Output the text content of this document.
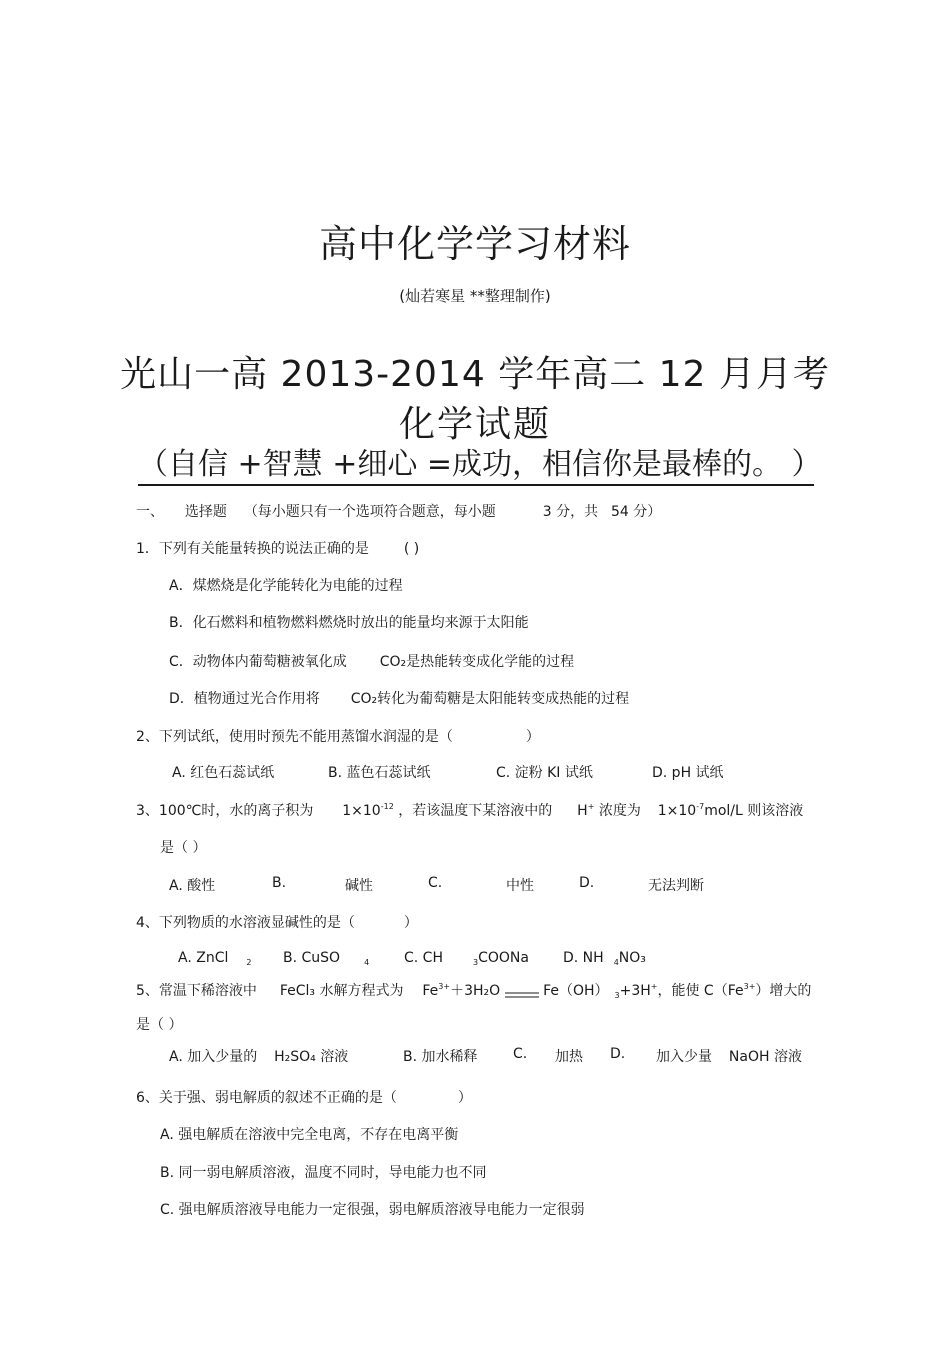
高中化学学习材料
(灿若寒星 **整理制作)
光山一高 2013-2014 学年高二 12 月月考
化学试题
（自信 +智慧 +细心 =成功，相信你是最棒的。 ）
一、 选择题 （每小题只有一个选项符合题意，每小题	3 分，共 54 分）
1．下列有关能量转换的说法正确的是 ( )
A．煤燃烧是化学能转化为电能的过程
B．化石燃料和植物燃料燃烧时放出的能量均来源于太阳能
C．动物体内葡萄糖被氧化成 CO₂是热能转变成化学能的过程
D．植物通过光合作用将 CO₂转化为葡萄糖是太阳能转变成热能的过程
2、下列试纸，使用时预先不能用蒸馏水润湿的是（	）
A. 红色石蕊试纸	B. 蓝色石蕊试纸	C. 淀粉 KI 试纸	D. pH 试纸
3、100℃时，水的离子积为 $1\times 10^{-12}$ ，若该温度下某溶液中的 H+ 浓度为 $1\times 10^{-7}mol/L$ 则该溶液
是（ ）
A. 酸性	B.	碱性	C.	中性	D.	无法判断
4、下列物质的水溶液显碱性的是（	）
A. ZnCl $_2$ B. CuSO	$_4$ C. CH	$_3$COONa D. NH $_4$NO₃
5、常温下稀溶液中 FeCl₃ 水解方程式为 $Fe^{3+}+3H_2O$	Fe（OH） $_3$+3H+，能使 $C(Fe^{3+})$增大的
是（ ）
A. 加入少量的 H₂SO₄ 溶液	B. 加水稀释	C. 加热 D. 加入少量 NaOH 溶液
6、关于强、弱电解质的叙述不正确的是（	）
A. 强电解质在溶液中完全电离，不存在电离平衡
B. 同一弱电解质溶液，温度不同时，导电能力也不同
C. 强电解质溶液导电能力一定很强，弱电解质溶液导电能力一定很弱
